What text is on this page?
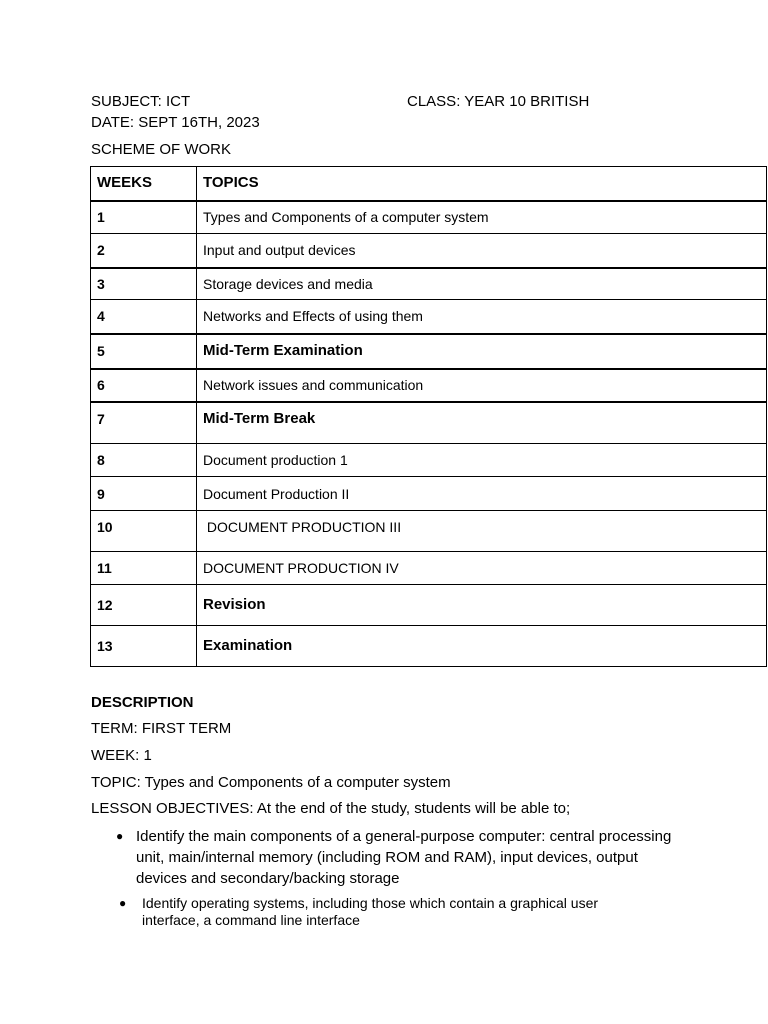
SUBJECT: ICT	CLASS: YEAR 10 BRITISH
DATE: SEPT 16TH, 2023
SCHEME OF WORK
WEEKS	TOPICS
1	Types and Components of a computer system
2	Input and output devices
3	Storage devices and media
4	Networks and Effects of using them
5	Mid-Term Examination
6	Network issues and communication
7	Mid-Term Break
8	Document production 1
9	Document Production II
10	DOCUMENT PRODUCTION III
11	DOCUMENT PRODUCTION IV
12	Revision
13	Examination
DESCRIPTION
TERM: FIRST TERM
WEEK: 1
TOPIC: Types and Components of a computer system
LESSON OBJECTIVES: At the end of the study, students will be able to;
● Identify the main components of a general-purpose computer: central processing unit, main/internal memory (including ROM and RAM), input devices, output devices and secondary/backing storage
● Identify operating systems, including those which contain a graphical user interface, a command line interface
